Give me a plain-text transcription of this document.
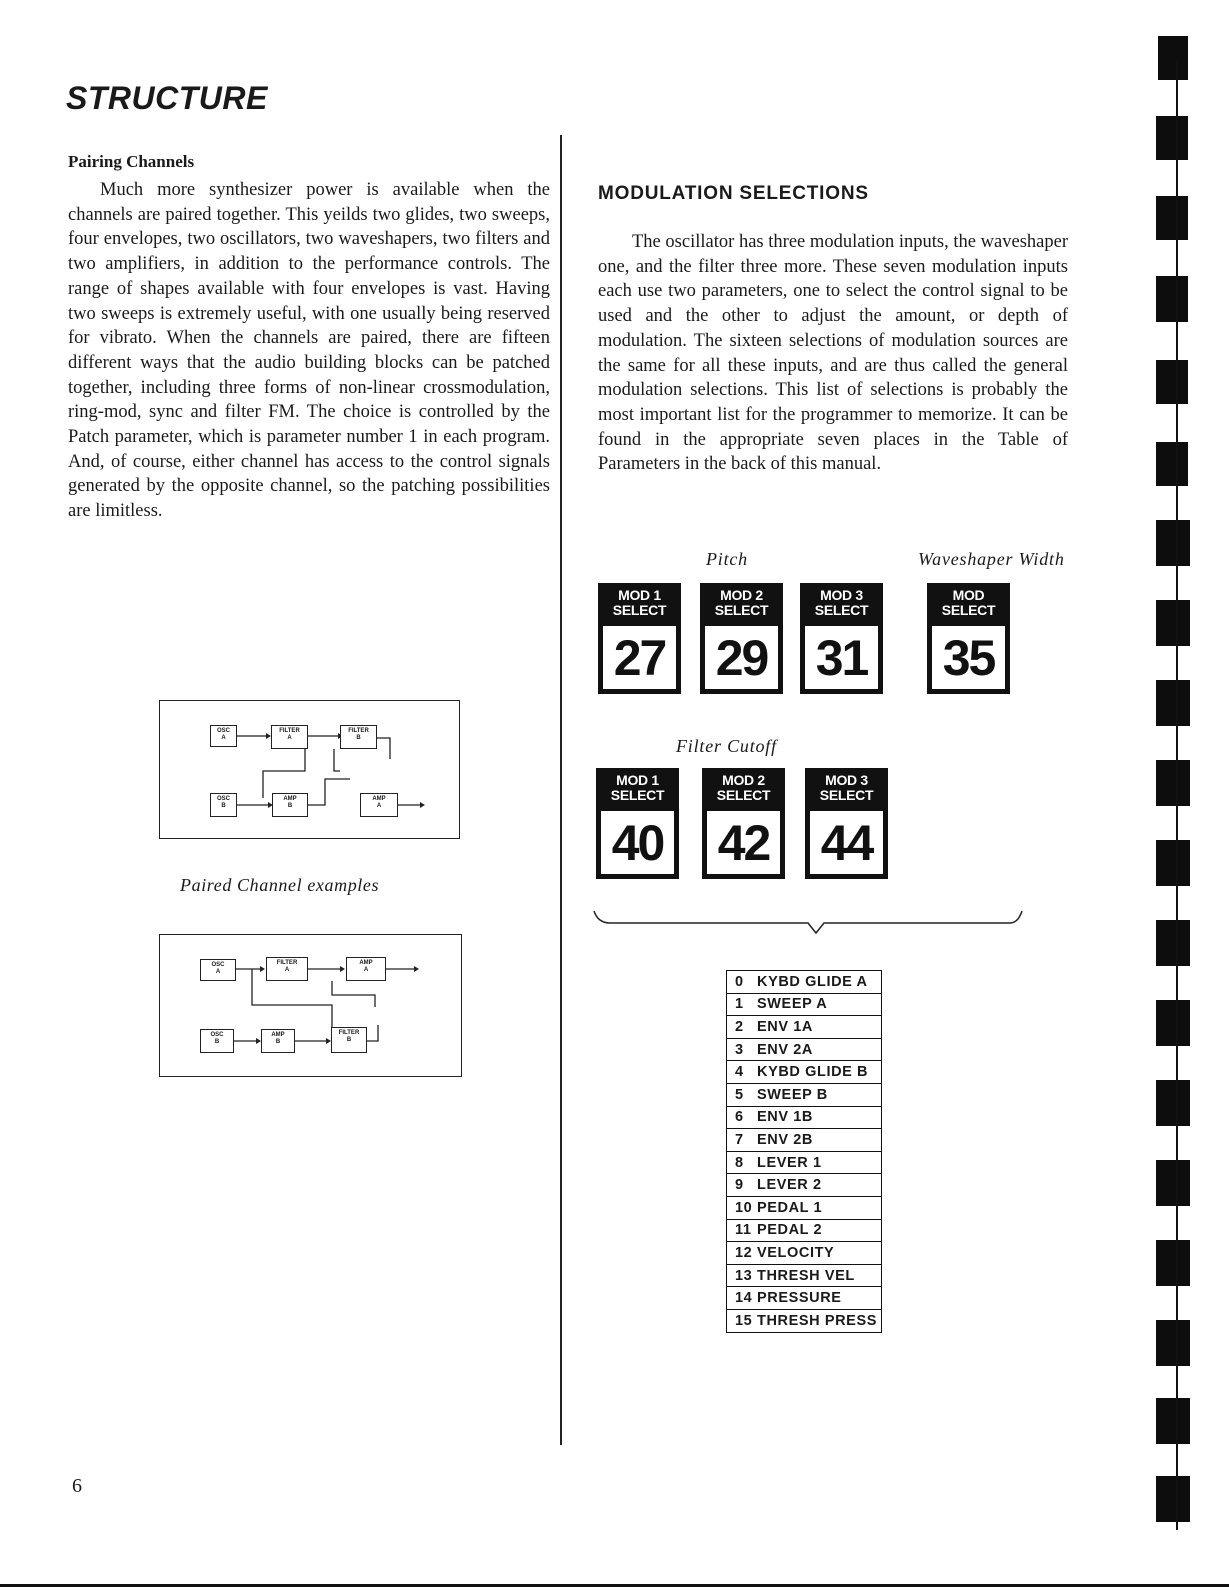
STRUCTURE
Pairing Channels

Much more synthesizer power is available when the channels are paired together. This yeilds two glides, two sweeps, four envelopes, two oscillators, two waveshapers, two filters and two amplifiers, in addition to the performance controls. The range of shapes available with four envelopes is vast. Having two sweeps is extremely useful, with one usually being reserved for vibrato. When the channels are paired, there are fifteen different ways that the audio building blocks can be patched together, including three forms of non-linear crossmodulation, ring-mod, sync and filter FM. The choice is controlled by the Patch parameter, which is parameter number 1 in each program. And, of course, either channel has access to the control signals generated by the opposite channel, so the patching possibilities are limitless.

OSC
A
FILTER
A
FILTER
B
OSC
B
AMP
B
AMP
A
Paired Channel examples
OSC
A
FILTER
A
AMP
A
OSC
B
AMP
B
FILTER
B
MODULATION SELECTIONS

The oscillator has three modulation inputs, the waveshaper one, and the filter three more. These seven modulation inputs each use two parameters, one to select the control signal to be used and the other to adjust the amount, or depth of modulation. The sixteen selections of modulation sources are the same for all these inputs, and are thus called the general modulation selections. This list of selections is probably the most important list for the programmer to memorize. It can be found in the appropriate seven places in the Table of Parameters in the back of this manual.

Pitch	Waveshaper Width
MOD 1
SELECT
27
MOD 2
SELECT
29
MOD 3
SELECT
31
MOD
SELECT
35
Filter Cutoff
MOD 1
SELECT
40
MOD 2
SELECT
42
MOD 3
SELECT
44
0 KYBD GLIDE A
1 SWEEP A
2 ENV 1A
3 ENV 2A
4 KYBD GLIDE B
5 SWEEP B
6 ENV 1B
7 ENV 2B
8 LEVER 1
9 LEVER 2
10 PEDAL 1
11 PEDAL 2
12 VELOCITY
13 THRESH VEL
14 PRESSURE
15 THRESH PRESS
6
